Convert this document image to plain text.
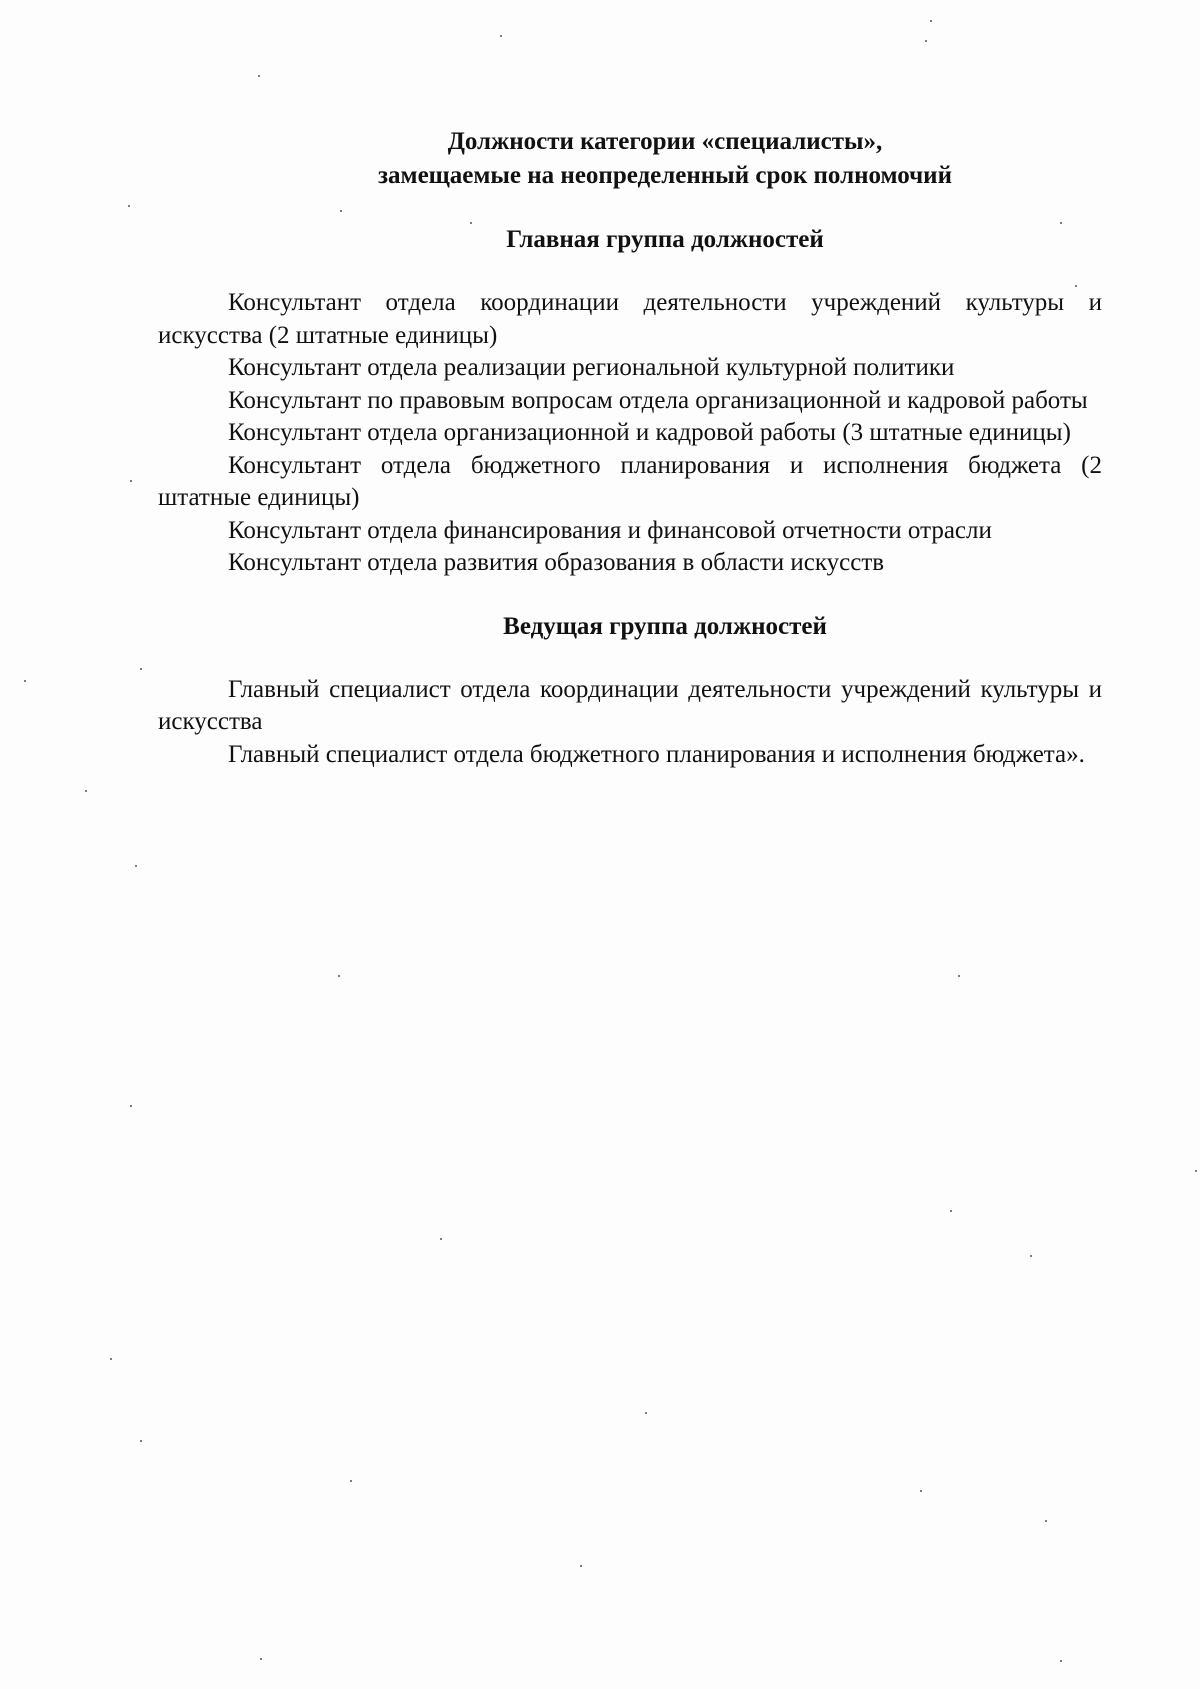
Должности категории «специалисты»,

замещаемые на неопределенный срок полномочий

Главная группа должностей

Консультант отдела координации деятельности учреждений культуры и искусства (2 штатные единицы)
Консультант отдела реализации региональной культурной политики
Консультант по правовым вопросам отдела организационной и кадровой работы
Консультант отдела организационной и кадровой работы (3 штатные единицы)
Консультант отдела бюджетного планирования и исполнения бюджета (2 штатные единицы)
Консультант отдела финансирования и финансовой отчетности отрасли
Консультант отдела развития образования в области искусств

Ведущая группа должностей

Главный специалист отдела координации деятельности учреждений культуры и искусства
Главный специалист отдела бюджетного планирования и исполнения бюджета».
